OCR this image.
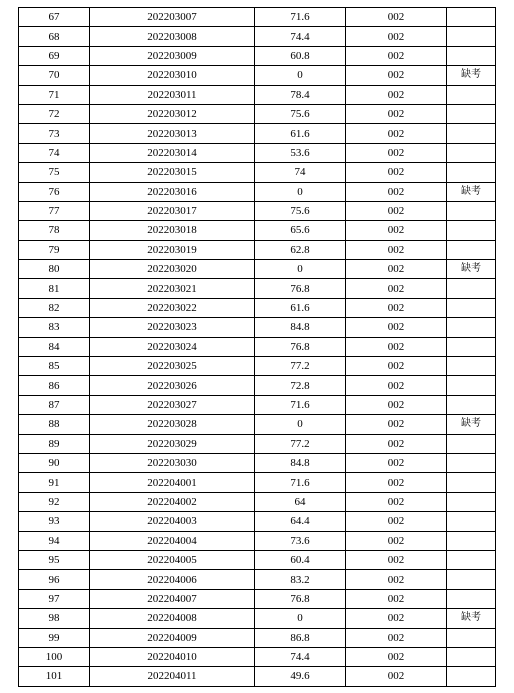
67	202203007	71.6	002	
68	202203008	74.4	002	
69	202203009	60.8	002	
70	202203010	0	002	缺考
71	202203011	78.4	002	
72	202203012	75.6	002	
73	202203013	61.6	002	
74	202203014	53.6	002	
75	202203015	74	002	
76	202203016	0	002	缺考
77	202203017	75.6	002	
78	202203018	65.6	002	
79	202203019	62.8	002	
80	202203020	0	002	缺考
81	202203021	76.8	002	
82	202203022	61.6	002	
83	202203023	84.8	002	
84	202203024	76.8	002	
85	202203025	77.2	002	
86	202203026	72.8	002	
87	202203027	71.6	002	
88	202203028	0	002	缺考
89	202203029	77.2	002	
90	202203030	84.8	002	
91	202204001	71.6	002	
92	202204002	64	002	
93	202204003	64.4	002	
94	202204004	73.6	002	
95	202204005	60.4	002	
96	202204006	83.2	002	
97	202204007	76.8	002	
98	202204008	0	002	缺考
99	202204009	86.8	002	
100	202204010	74.4	002	
101	202204011	49.6	002	
